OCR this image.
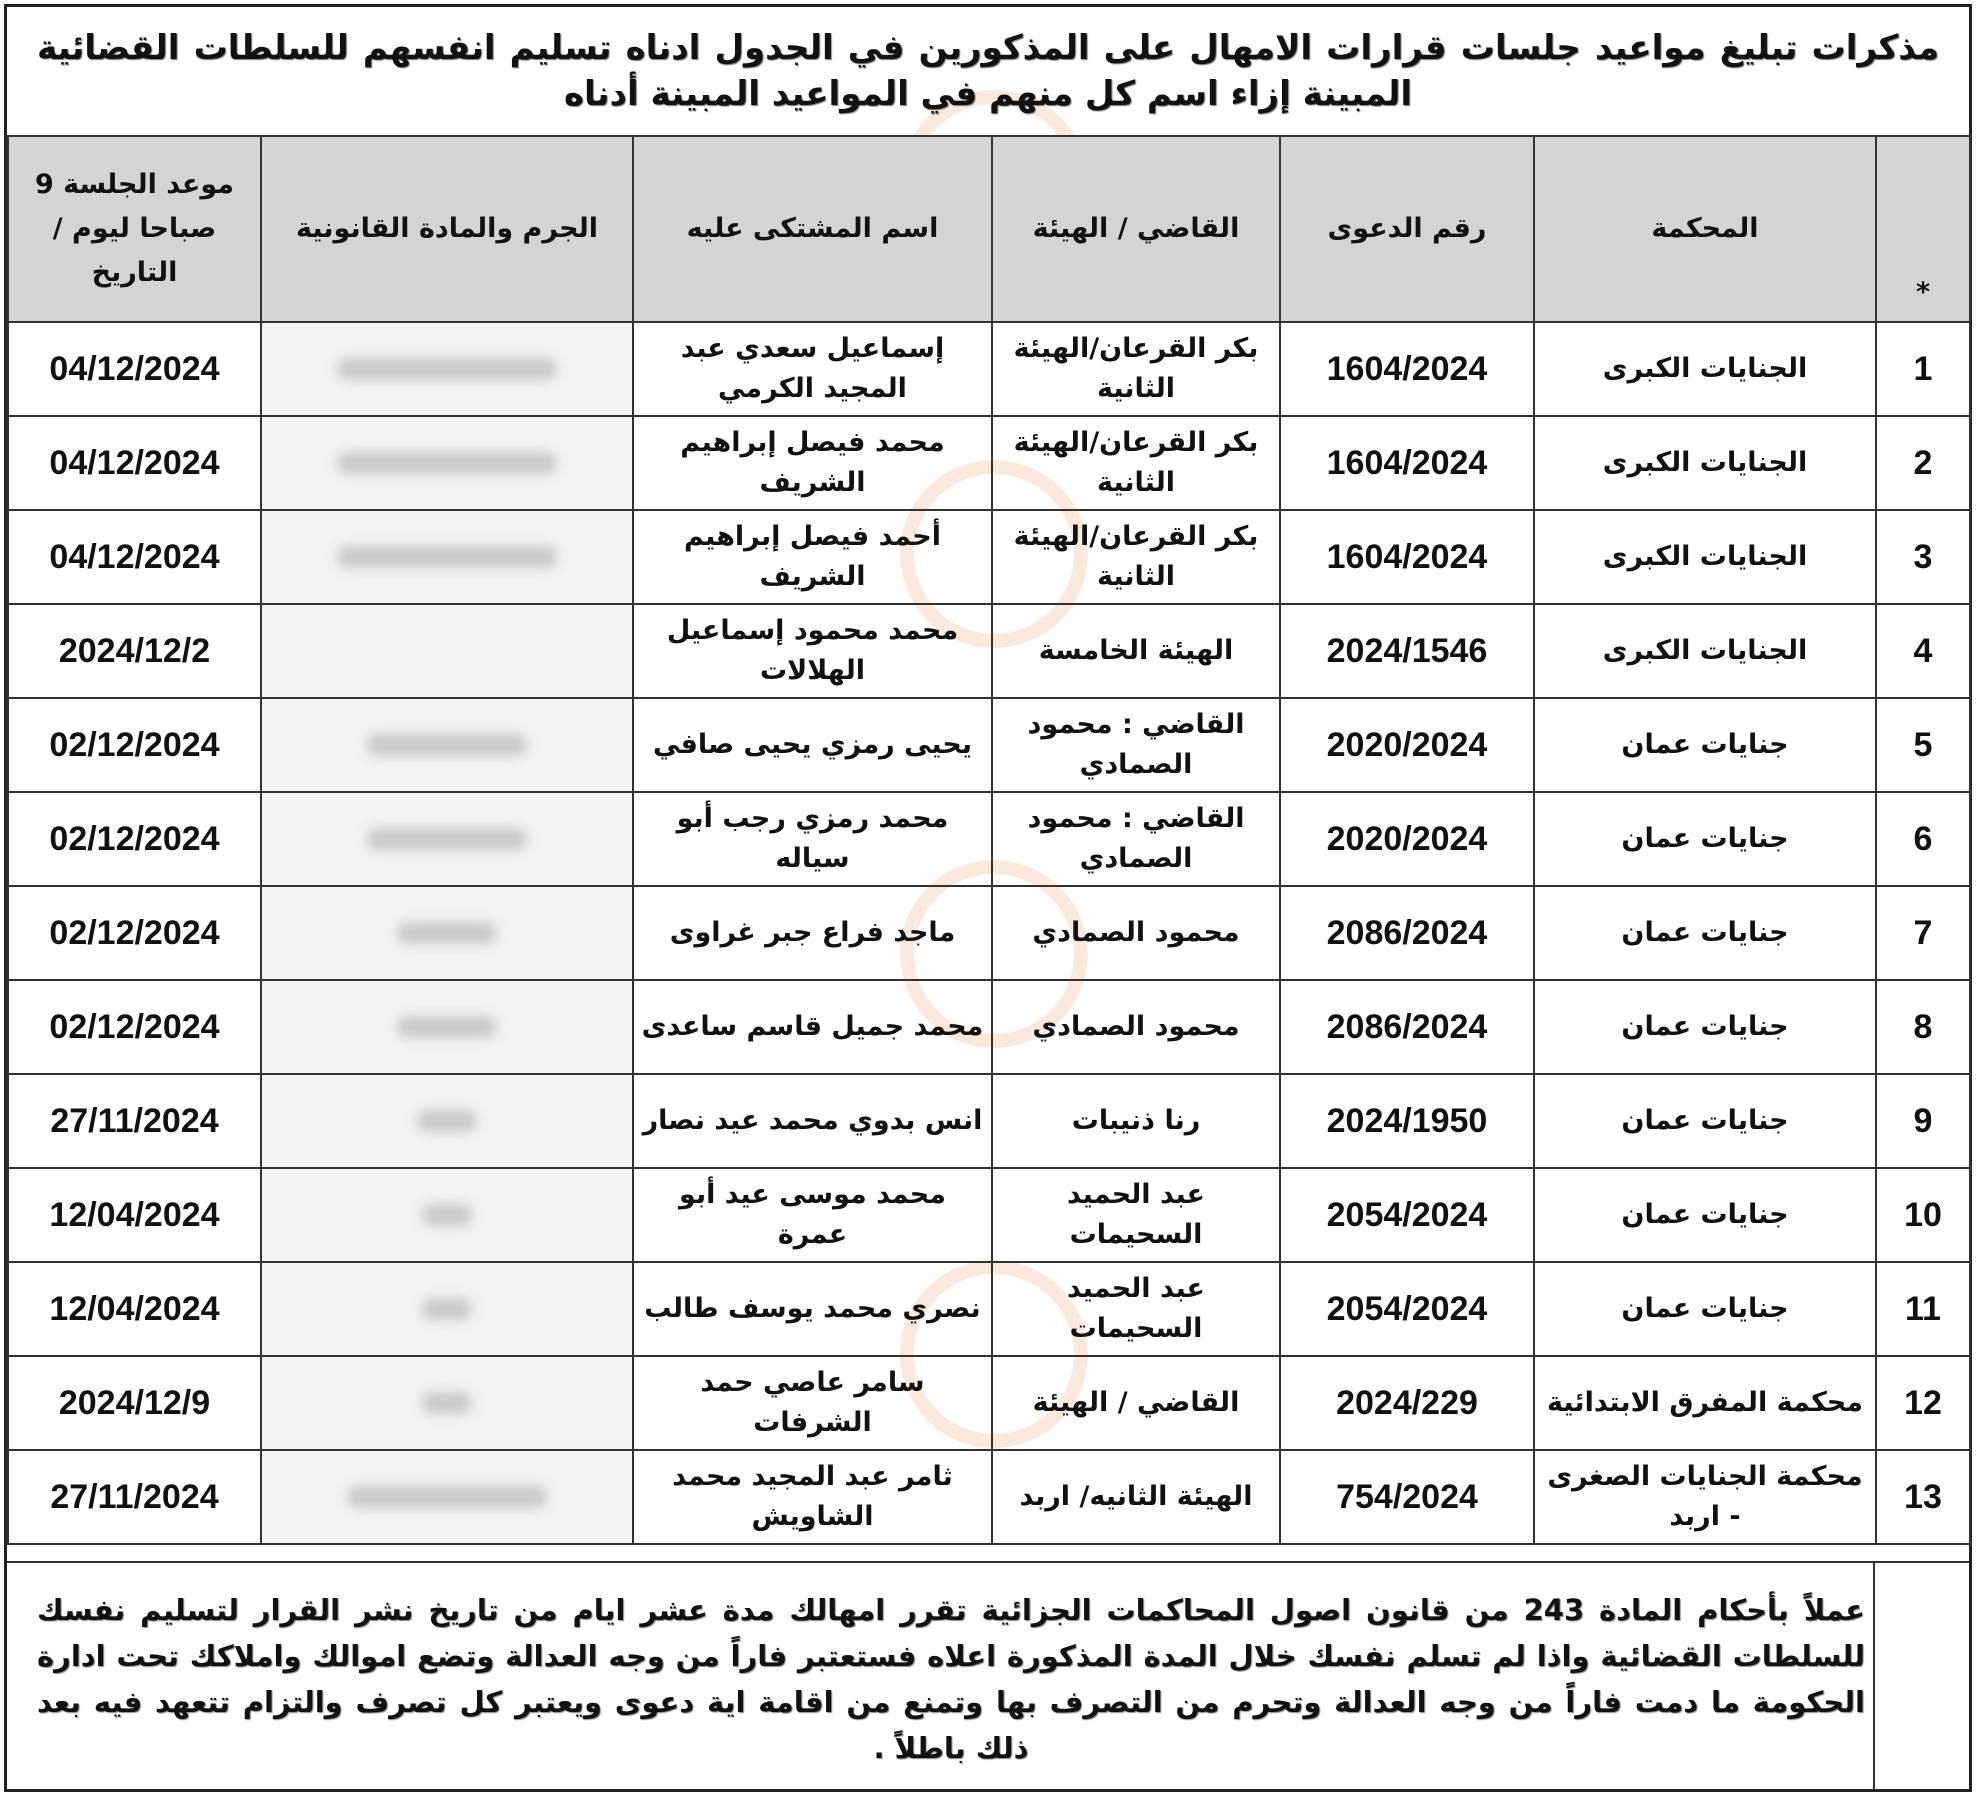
مذكرات تبليغ مواعيد جلسات قرارات الامهال على المذكورين في الجدول ادناه تسليم انفسهم للسلطات القضائية
المبينة إزاء اسم كل منهم في المواعيد المبينة أدناه
*	المحكمة	رقم الدعوى	القاضي / الهيئة	اسم المشتكى عليه	الجرم والمادة القانونية	موعد الجلسة 9 صباحا ليوم / التاريخ
1	الجنايات الكبرى	1604/2024	بكر القرعان/الهيئة الثانية	إسماعيل سعدي عبد المجيد الكرمي		04/12/2024
2	الجنايات الكبرى	1604/2024	بكر القرعان/الهيئة الثانية	محمد فيصل إبراهيم الشريف		04/12/2024
3	الجنايات الكبرى	1604/2024	بكر القرعان/الهيئة الثانية	أحمد فيصل إبراهيم الشريف		04/12/2024
4	الجنايات الكبرى	2024/1546	الهيئة الخامسة	محمد محمود إسماعيل الهلالات		2024/12/2
5	جنايات عمان	2020/2024	القاضي : محمود الصمادي	يحيى رمزي يحيى صافي		02/12/2024
6	جنايات عمان	2020/2024	القاضي : محمود الصمادي	محمد رمزي رجب أبو سياله		02/12/2024
7	جنايات عمان	2086/2024	محمود الصمادي	ماجد فراع جبر غراوى		02/12/2024
8	جنايات عمان	2086/2024	محمود الصمادي	محمد جميل قاسم ساعدى		02/12/2024
9	جنايات عمان	2024/1950	رنا ذنيبات	انس بدوي محمد عيد نصار		27/11/2024
10	جنايات عمان	2054/2024	عبد الحميد السحيمات	محمد موسى عيد أبو عمرة		12/04/2024
11	جنايات عمان	2054/2024	عبد الحميد السحيمات	نصري محمد يوسف طالب		12/04/2024
12	محكمة المفرق الابتدائية	2024/229	القاضي / الهيئة	سامر عاصي حمد الشرفات		2024/12/9
13	محكمة الجنايات الصغرى - اربد	754/2024	الهيئة الثانيه/ اربد	ثامر عبد المجيد محمد الشاويش		27/11/2024

عملاً بأحكام المادة 243 من قانون اصول المحاكمات الجزائية تقرر امهالك مدة عشر ايام من تاريخ نشر القرار لتسليم نفسك للسلطات القضائية واذا لم تسلم نفسك خلال المدة المذكورة اعلاه فستعتبر فاراً من وجه العدالة وتضع اموالك واملاكك تحت ادارة الحكومة ما دمت فاراً من وجه العدالة وتحرم من التصرف بها وتمنع من اقامة اية دعوى ويعتبر كل تصرف والتزام تتعهد فيه بعد ذلك باطلاً .
